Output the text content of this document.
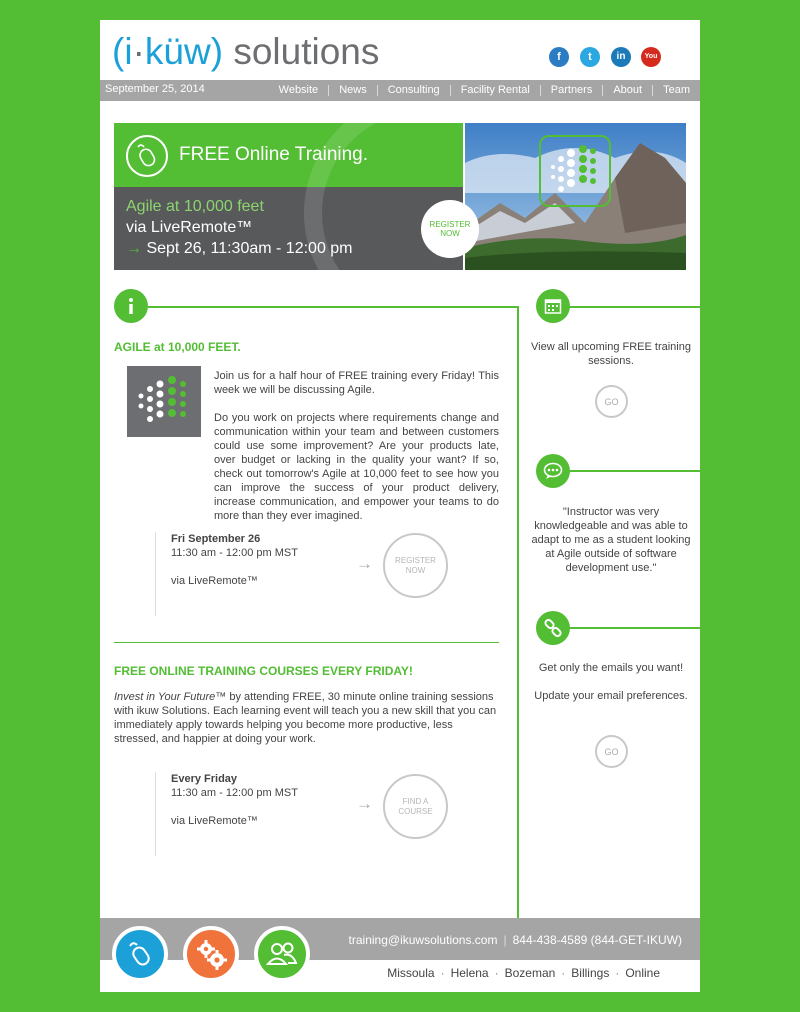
(i·küw) solutions	f	t	in	You
September 25, 2014	Website	News	Consulting	Facility Rental	Partners	About	Team
FREE Online Training.
Agile at 10,000 feet
via LiveRemote™
→ Sept 26, 11:30am - 12:00 pm
REGISTER NOW
AGILE at 10,000 FEET.
Join us for a half hour of FREE training every Friday! This week we will be discussing Agile.
Do you work on projects where requirements change and communication within your team and between customers could use some improvement? Are your products late, over budget or lacking in the quality your want? If so, check out tomorrow's Agile at 10,000 feet to see how you can improve the success of your product delivery, increase communication, and empower your teams to do more than they ever imagined.
Fri September 26
11:30 am - 12:00 pm MST
via LiveRemote™
→	REGISTER NOW
FREE ONLINE TRAINING COURSES EVERY FRIDAY!
Invest in Your Future™ by attending FREE, 30 minute online training sessions with ikuw Solutions. Each learning event will teach you a new skill that you can immediately apply towards helping you become more productive, less stressed, and happier at doing your work.
Every Friday
11:30 am - 12:00 pm MST
via LiveRemote™
→	FIND A COURSE
View all upcoming FREE training sessions.
GO
"Instructor was very knowledgeable and was able to adapt to me as a student looking at Agile outside of software development use."
Get only the emails you want!
Update your email preferences.
GO
training@ikuwsolutions.com | 844-438-4589 (844-GET-IKUW)
Missoula · Helena · Bozeman · Billings · Online
